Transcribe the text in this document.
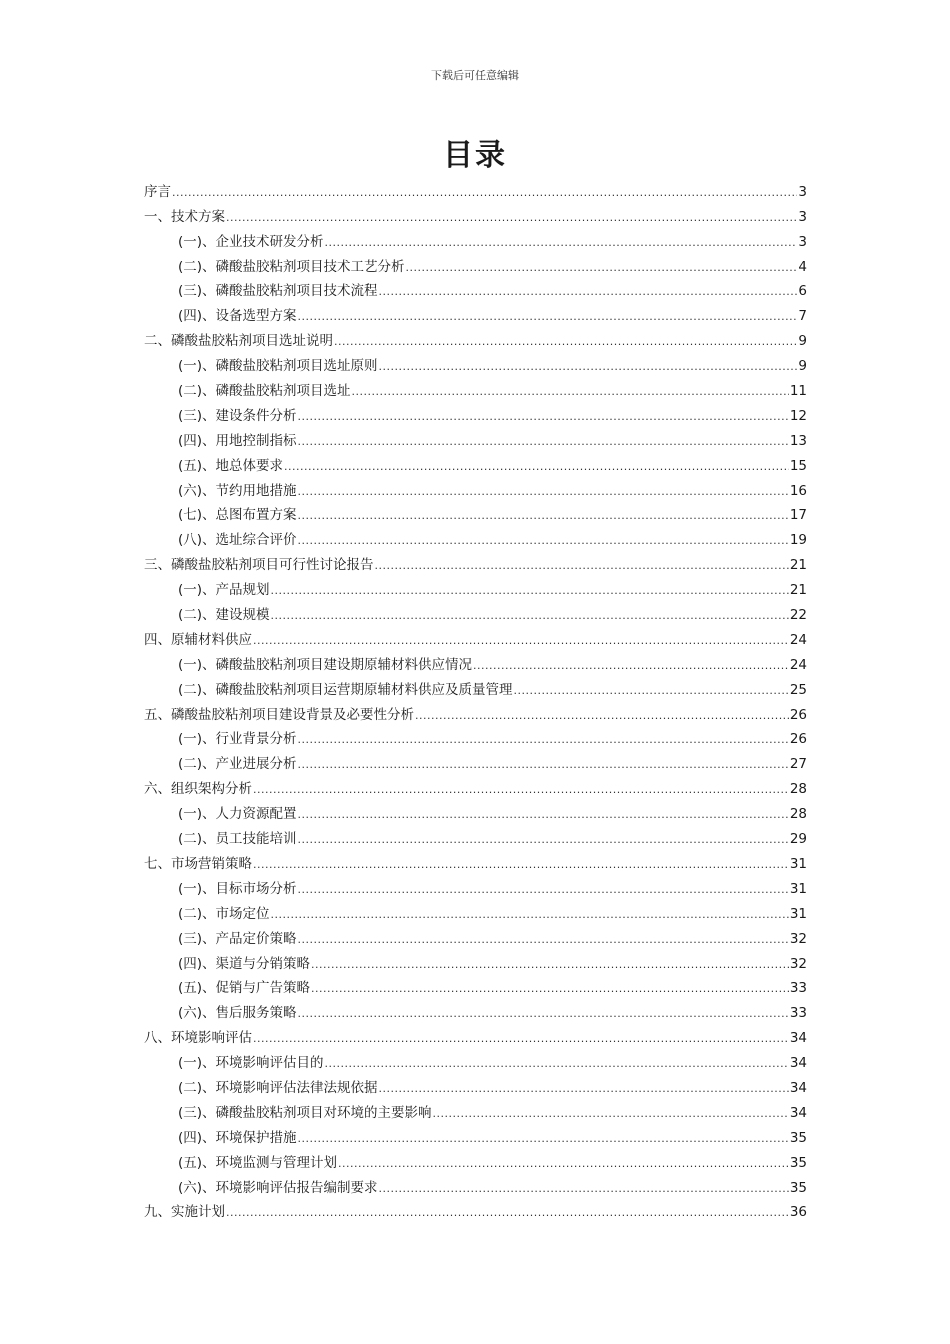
下载后可任意编辑
目录
序言 .....	3
一、技术方案 .....	3
(一)、企业技术研发分析 .....	3
(二)、磷酸盐胶粘剂项目技术工艺分析 .....	4
(三)、磷酸盐胶粘剂项目技术流程 .....	6
(四)、设备选型方案 .....	7
二、磷酸盐胶粘剂项目选址说明 .....	9
(一)、磷酸盐胶粘剂项目选址原则 .....	9
(二)、磷酸盐胶粘剂项目选址 .....	11
(三)、建设条件分析 .....	12
(四)、用地控制指标 .....	13
(五)、地总体要求 .....	15
(六)、节约用地措施 .....	16
(七)、总图布置方案 .....	17
(八)、选址综合评价 .....	19
三、磷酸盐胶粘剂项目可行性讨论报告 .....	21
(一)、产品规划 .....	21
(二)、建设规模 .....	22
四、原辅材料供应 .....	24
(一)、磷酸盐胶粘剂项目建设期原辅材料供应情况 .....	24
(二)、磷酸盐胶粘剂项目运营期原辅材料供应及质量管理 .....	25
五、磷酸盐胶粘剂项目建设背景及必要性分析 .....	26
(一)、行业背景分析 .....	26
(二)、产业进展分析 .....	27
六、组织架构分析 .....	28
(一)、人力资源配置 .....	28
(二)、员工技能培训 .....	29
七、市场营销策略 .....	31
(一)、目标市场分析 .....	31
(二)、市场定位 .....	31
(三)、产品定价策略 .....	32
(四)、渠道与分销策略 .....	32
(五)、促销与广告策略 .....	33
(六)、售后服务策略 .....	33
八、环境影响评估 .....	34
(一)、环境影响评估目的 .....	34
(二)、环境影响评估法律法规依据 .....	34
(三)、磷酸盐胶粘剂项目对环境的主要影响 .....	34
(四)、环境保护措施 .....	35
(五)、环境监测与管理计划 .....	35
(六)、环境影响评估报告编制要求 .....	35
九、实施计划 .....	36
